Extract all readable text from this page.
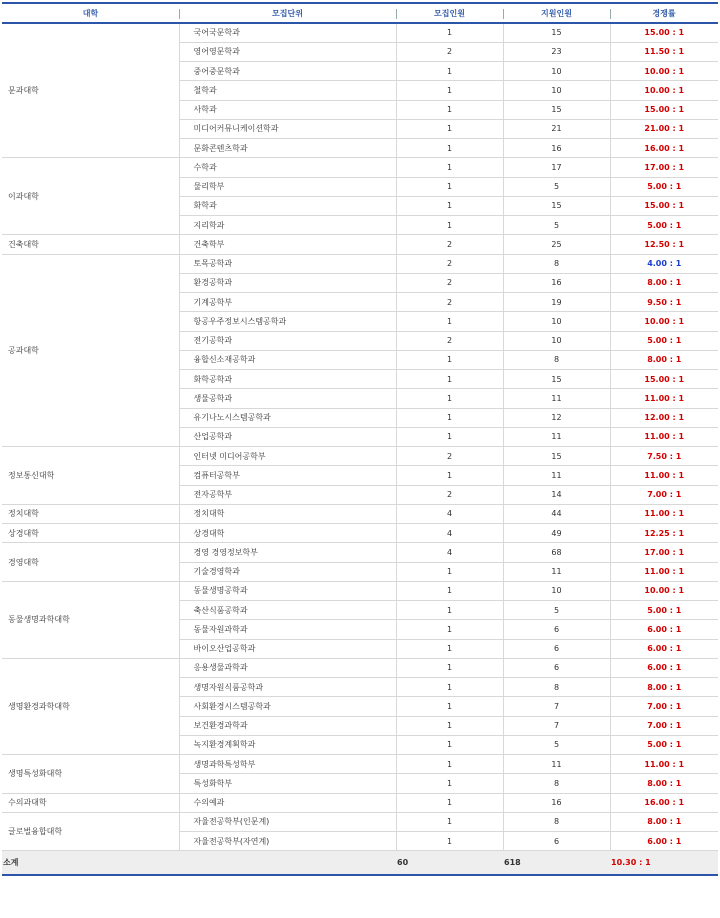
대학	모집단위	모집인원	지원인원	경쟁률
문과대학	국어국문학과	1	15	15.00 : 1
	영어영문학과	2	23	11.50 : 1
	중어중문학과	1	10	10.00 : 1
	철학과	1	10	10.00 : 1
	사학과	1	15	15.00 : 1
	미디어커뮤니케이션학과	1	21	21.00 : 1
	문화콘텐츠학과	1	16	16.00 : 1
이과대학	수학과	1	17	17.00 : 1
	물리학부	1	5	5.00 : 1
	화학과	1	15	15.00 : 1
	지리학과	1	5	5.00 : 1
건축대학	건축학부	2	25	12.50 : 1
공과대학	토목공학과	2	8	4.00 : 1
	환경공학과	2	16	8.00 : 1
	기계공학부	2	19	9.50 : 1
	항공우주정보시스템공학과	1	10	10.00 : 1
	전기공학과	2	10	5.00 : 1
	융합신소재공학과	1	8	8.00 : 1
	화학공학과	1	15	15.00 : 1
	생물공학과	1	11	11.00 : 1
	유기나노시스템공학과	1	12	12.00 : 1
	산업공학과	1	11	11.00 : 1
정보통신대학	인터넷 미디어공학부	2	15	7.50 : 1
	컴퓨터공학부	1	11	11.00 : 1
	전자공학부	2	14	7.00 : 1
정치대학	정치대학	4	44	11.00 : 1
상경대학	상경대학	4	49	12.25 : 1
경영대학	경영 경영정보학부	4	68	17.00 : 1
	기술경영학과	1	11	11.00 : 1
동물생명과학대학	동물생명공학과	1	10	10.00 : 1
	축산식품공학과	1	5	5.00 : 1
	동물자원과학과	1	6	6.00 : 1
	바이오산업공학과	1	6	6.00 : 1
생명환경과학대학	응용생물과학과	1	6	6.00 : 1
	생명자원식품공학과	1	8	8.00 : 1
	사회환경시스템공학과	1	7	7.00 : 1
	보건환경과학과	1	7	7.00 : 1
	녹지환경계획학과	1	5	5.00 : 1
생명특성화대학	생명과학특성학부	1	11	11.00 : 1
	특성화학부	1	8	8.00 : 1
수의과대학	수의예과	1	16	16.00 : 1
글로벌융합대학	자율전공학부(인문계)	1	8	8.00 : 1
	자율전공학부(자연계)	1	6	6.00 : 1
소계		60	618	10.30 : 1
